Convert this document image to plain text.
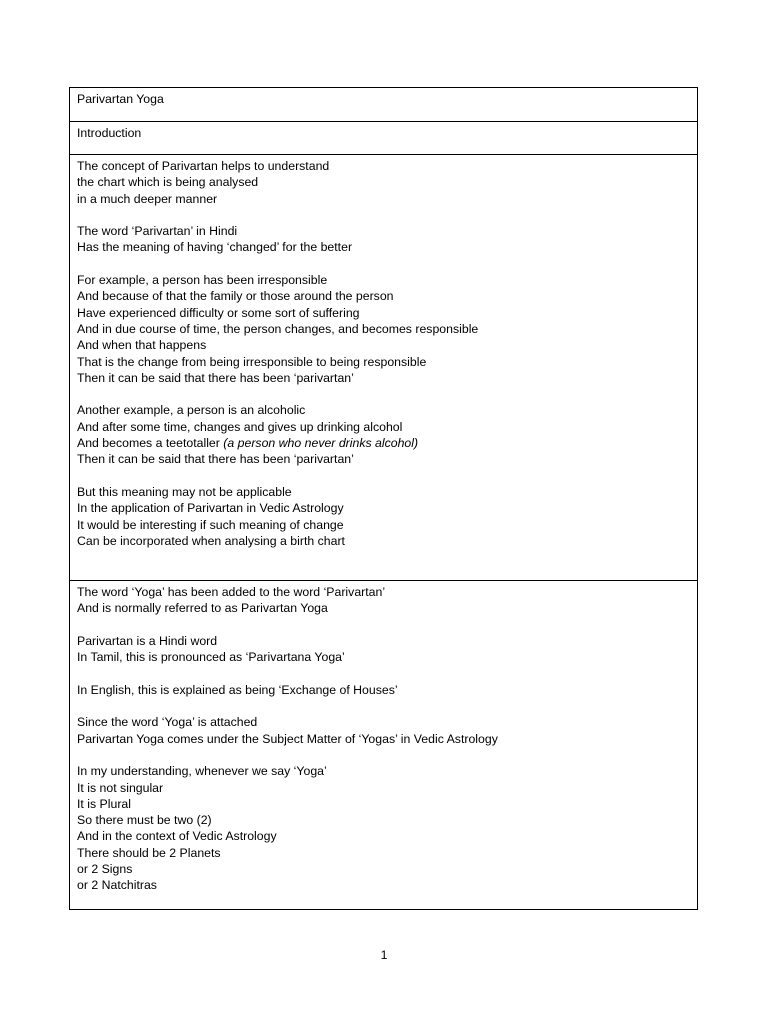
Parivartan Yoga
Introduction

The concept of Parivartan helps to understand
the chart which is being analysed
in a much deeper manner

The word ‘Parivartan’ in Hindi
Has the meaning of having ‘changed’ for the better

For example, a person has been irresponsible
And because of that the family or those around the person
Have experienced difficulty or some sort of suffering
And in due course of time, the person changes, and becomes responsible
And when that happens
That is the change from being irresponsible to being responsible
Then it can be said that there has been ‘parivartan’

Another example, a person is an alcoholic
And after some time, changes and gives up drinking alcohol
And becomes a teetotaller (a person who never drinks alcohol)
Then it can be said that there has been ‘parivartan’

But this meaning may not be applicable
In the application of Parivartan in Vedic Astrology
It would be interesting if such meaning of change
Can be incorporated when analysing a birth chart

The word ‘Yoga’ has been added to the word ‘Parivartan’
And is normally referred to as Parivartan Yoga

Parivartan is a Hindi word
In Tamil, this is pronounced as ‘Parivartana Yoga’

In English, this is explained as being ‘Exchange of Houses’

Since the word ‘Yoga’ is attached
Parivartan Yoga comes under the Subject Matter of ‘Yogas’ in Vedic Astrology

In my understanding, whenever we say ‘Yoga’
It is not singular
It is Plural
So there must be two (2)
And in the context of Vedic Astrology
There should be 2 Planets
or 2 Signs
or 2 Natchitras

1
